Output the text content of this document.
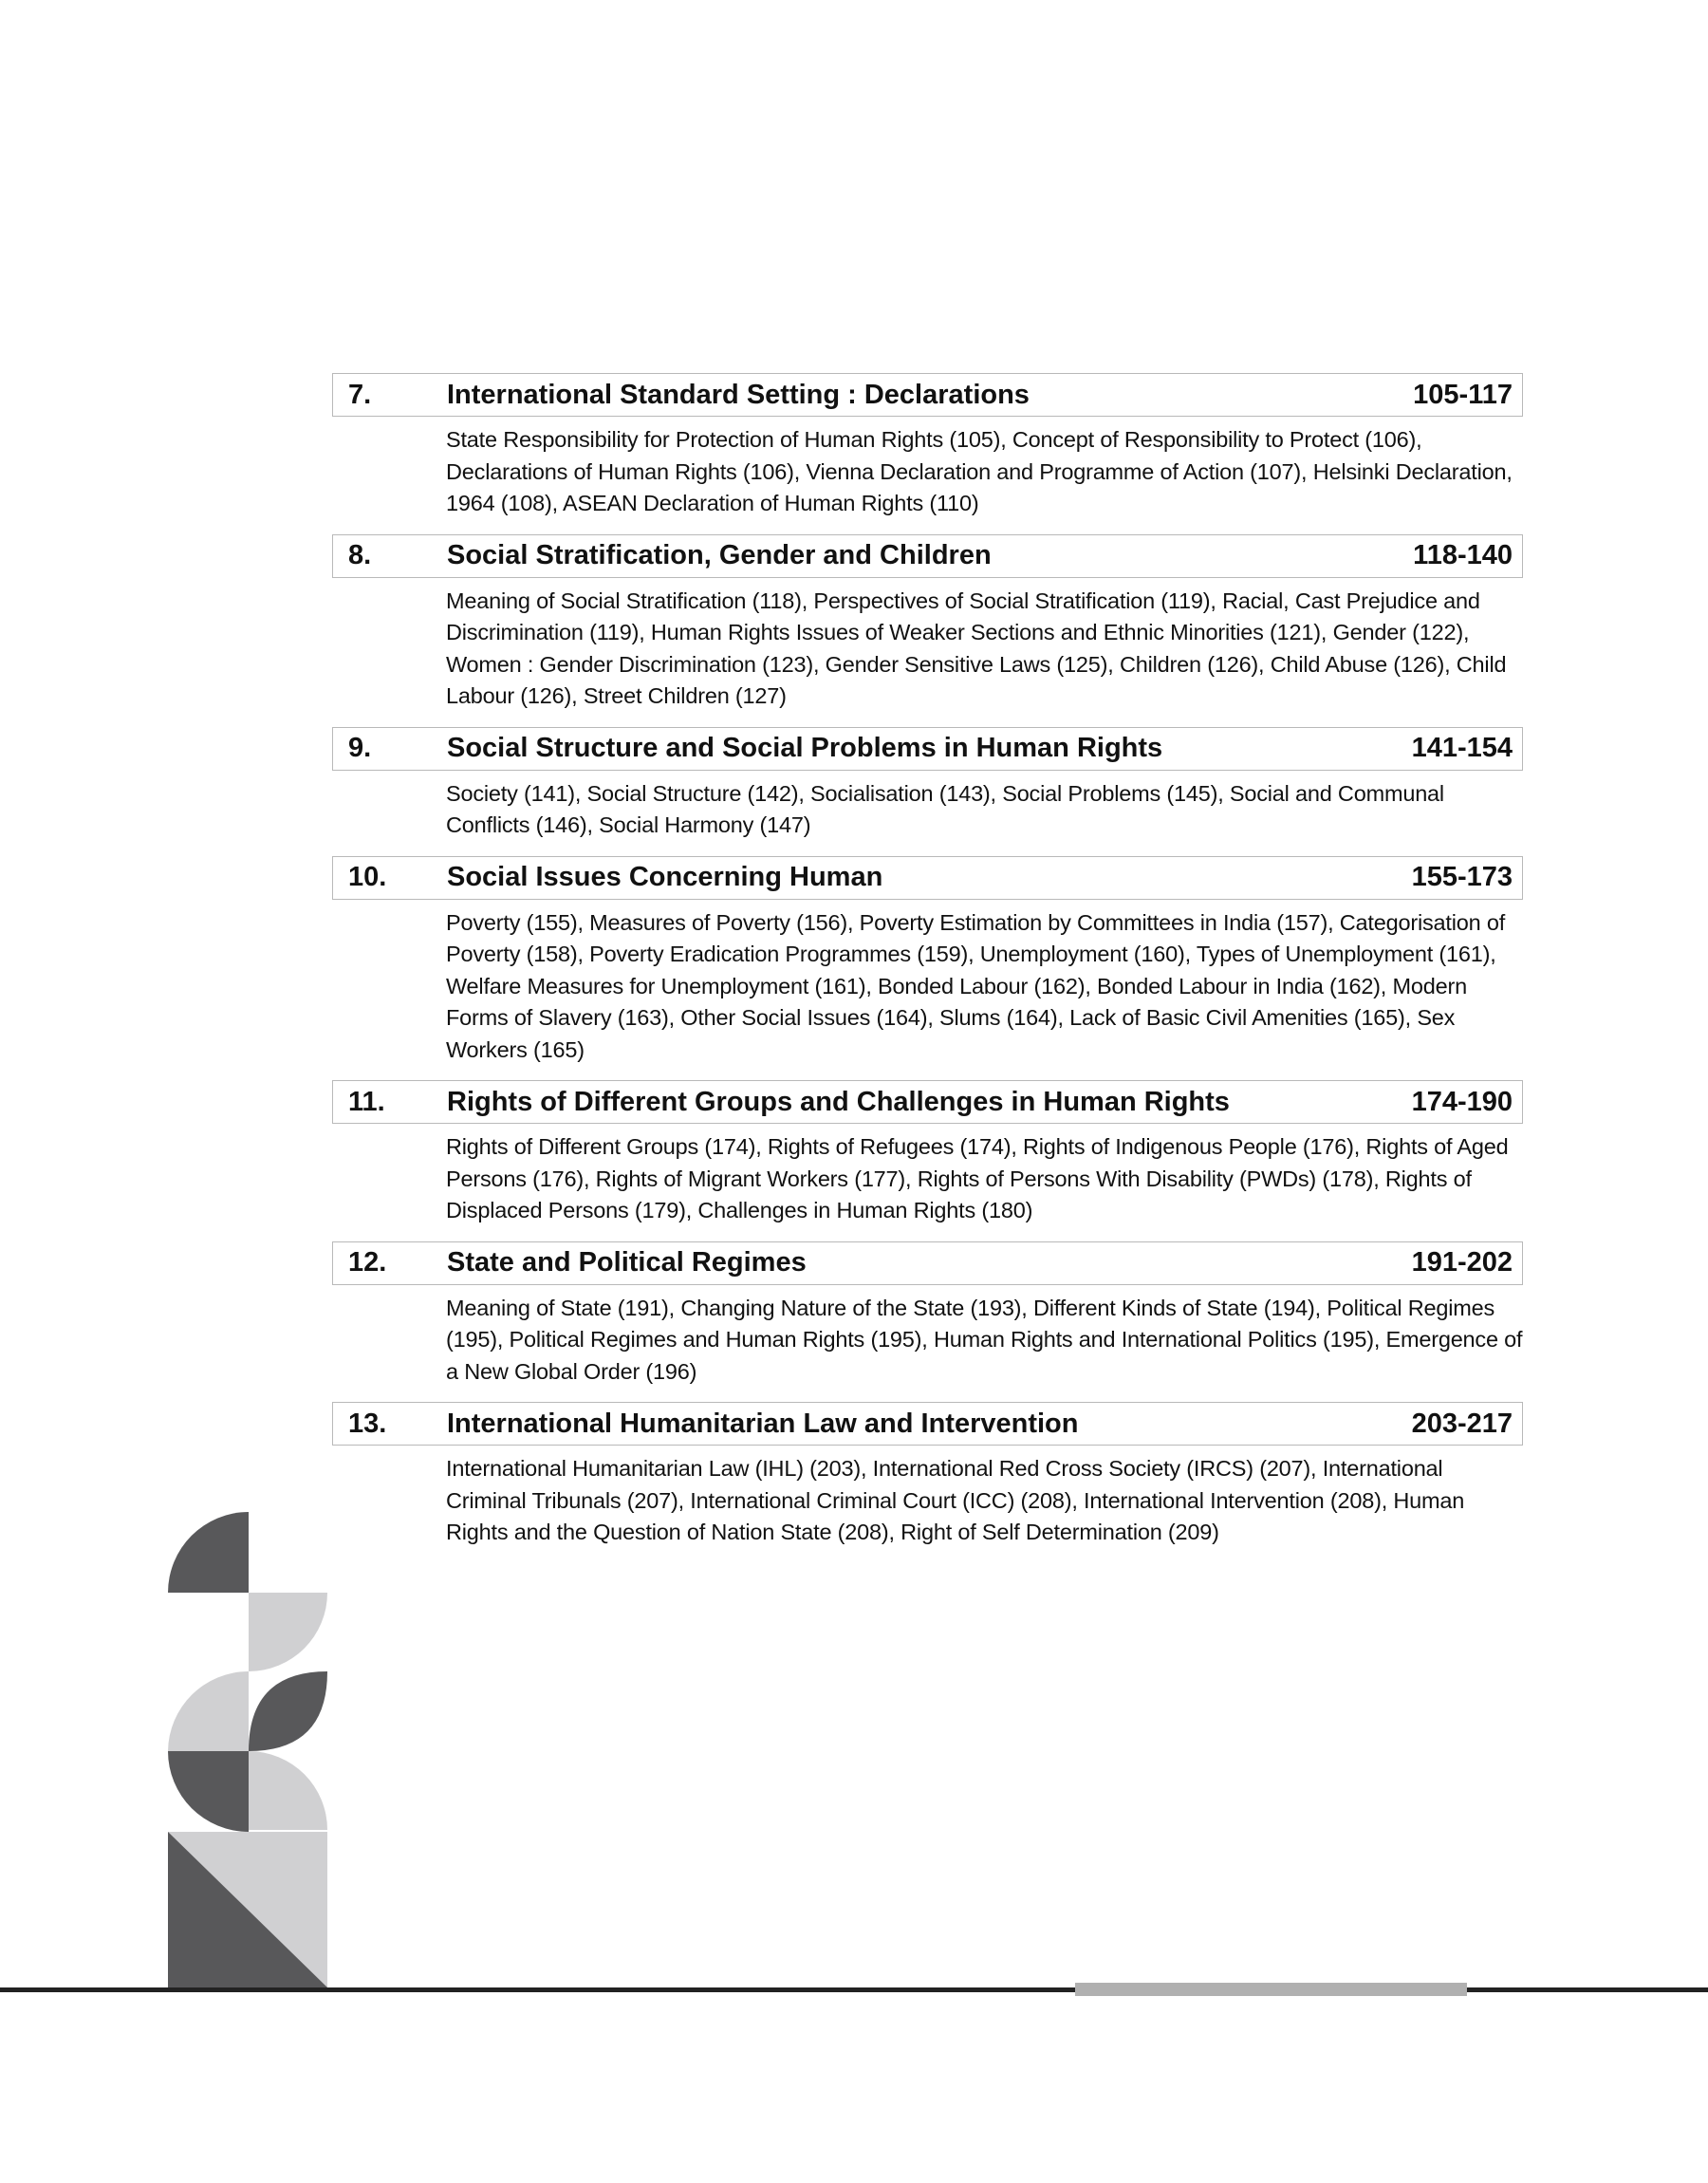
7.	International Standard Setting : Declarations	105-117
State Responsibility for Protection of Human Rights (105), Concept of Responsibility to Protect (106), Declarations of Human Rights (106), Vienna Declaration and Programme of Action (107), Helsinki Declaration, 1964 (108), ASEAN Declaration of Human Rights (110)
8.	Social Stratification, Gender and Children	118-140
Meaning of Social Stratification (118), Perspectives of Social Stratification (119), Racial, Cast Prejudice and Discrimination (119), Human Rights Issues of Weaker Sections and Ethnic Minorities (121), Gender (122), Women : Gender Discrimination (123), Gender Sensitive Laws (125), Children (126), Child Abuse (126), Child Labour (126), Street Children (127)
9.	Social Structure and Social Problems in Human Rights	141-154
Society (141), Social Structure (142), Socialisation (143), Social Problems (145), Social and Communal Conflicts (146), Social Harmony (147)
10.	Social Issues Concerning Human	155-173
Poverty (155), Measures of Poverty (156), Poverty Estimation by Committees in India (157), Categorisation of Poverty (158), Poverty Eradication Programmes (159), Unemployment (160), Types of Unemployment (161), Welfare Measures for Unemployment (161), Bonded Labour (162), Bonded Labour in India (162), Modern Forms of Slavery (163), Other Social Issues (164), Slums (164), Lack of Basic Civil Amenities (165), Sex Workers (165)
11.	Rights of Different Groups and Challenges in Human Rights	174-190
Rights of Different Groups (174), Rights of Refugees (174), Rights of Indigenous People (176), Rights of Aged Persons (176), Rights of Migrant Workers (177), Rights of Persons With Disability (PWDs) (178), Rights of Displaced Persons (179), Challenges in Human Rights (180)
12.	State and Political Regimes	191-202
Meaning of State (191), Changing Nature of the State (193), Different Kinds of State (194), Political Regimes (195), Political Regimes and Human Rights (195), Human Rights and International Politics (195), Emergence of a New Global Order (196)
13.	International Humanitarian Law and Intervention	203-217
International Humanitarian Law (IHL) (203), International Red Cross Society (IRCS) (207), International Criminal Tribunals (207), International Criminal Court (ICC) (208), International Intervention (208), Human Rights and the Question of Nation State (208), Right of Self Determination (209)
